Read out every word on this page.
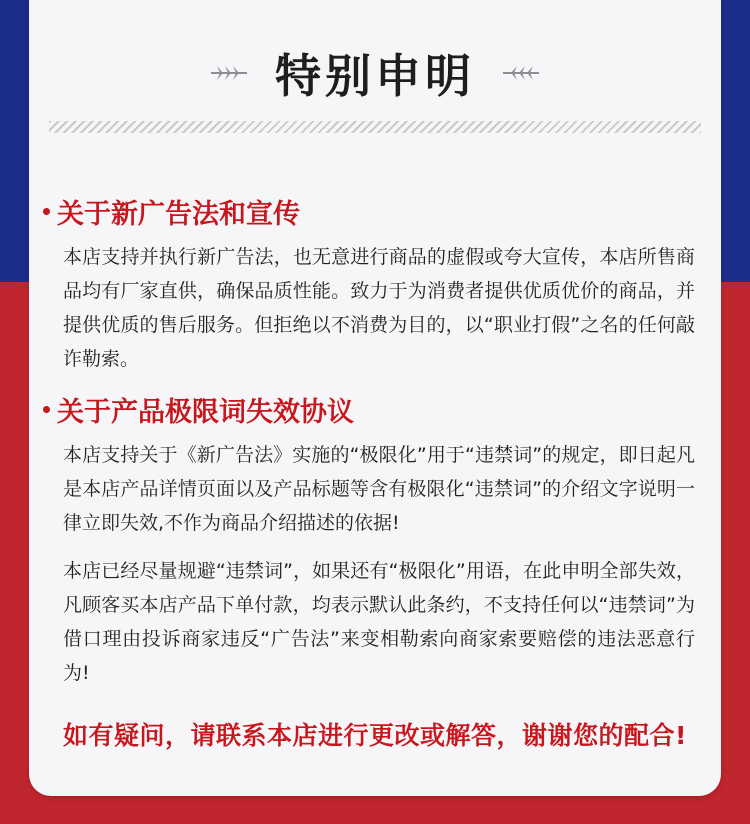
特别申明
关于新广告法和宣传
本店支持并执行新广告法，也无意进行商品的虚假或夸大宣传，本店所售商品均有厂家直供，确保品质性能。致力于为消费者提供优质优价的商品，并提供优质的售后服务。但拒绝以不消费为目的，以“职业打假”之名的任何敲诈勒索。
关于产品极限词失效协议
本店支持关于《新广告法》实施的“极限化”用于“违禁词”的规定，即日起凡是本店产品详情页面以及产品标题等含有极限化“违禁词”的介绍文字说明一律立即失效,不作为商品介绍描述的依据!
本店已经尽量规避“违禁词”，如果还有“极限化”用语，在此申明全部失效，凡顾客买本店产品下单付款，均表示默认此条约，不支持任何以“违禁词”为借口理由投诉商家违反“广告法”来变相勒索向商家索要赔偿的违法恶意行为!
如有疑问，请联系本店进行更改或解答，谢谢您的配合!
